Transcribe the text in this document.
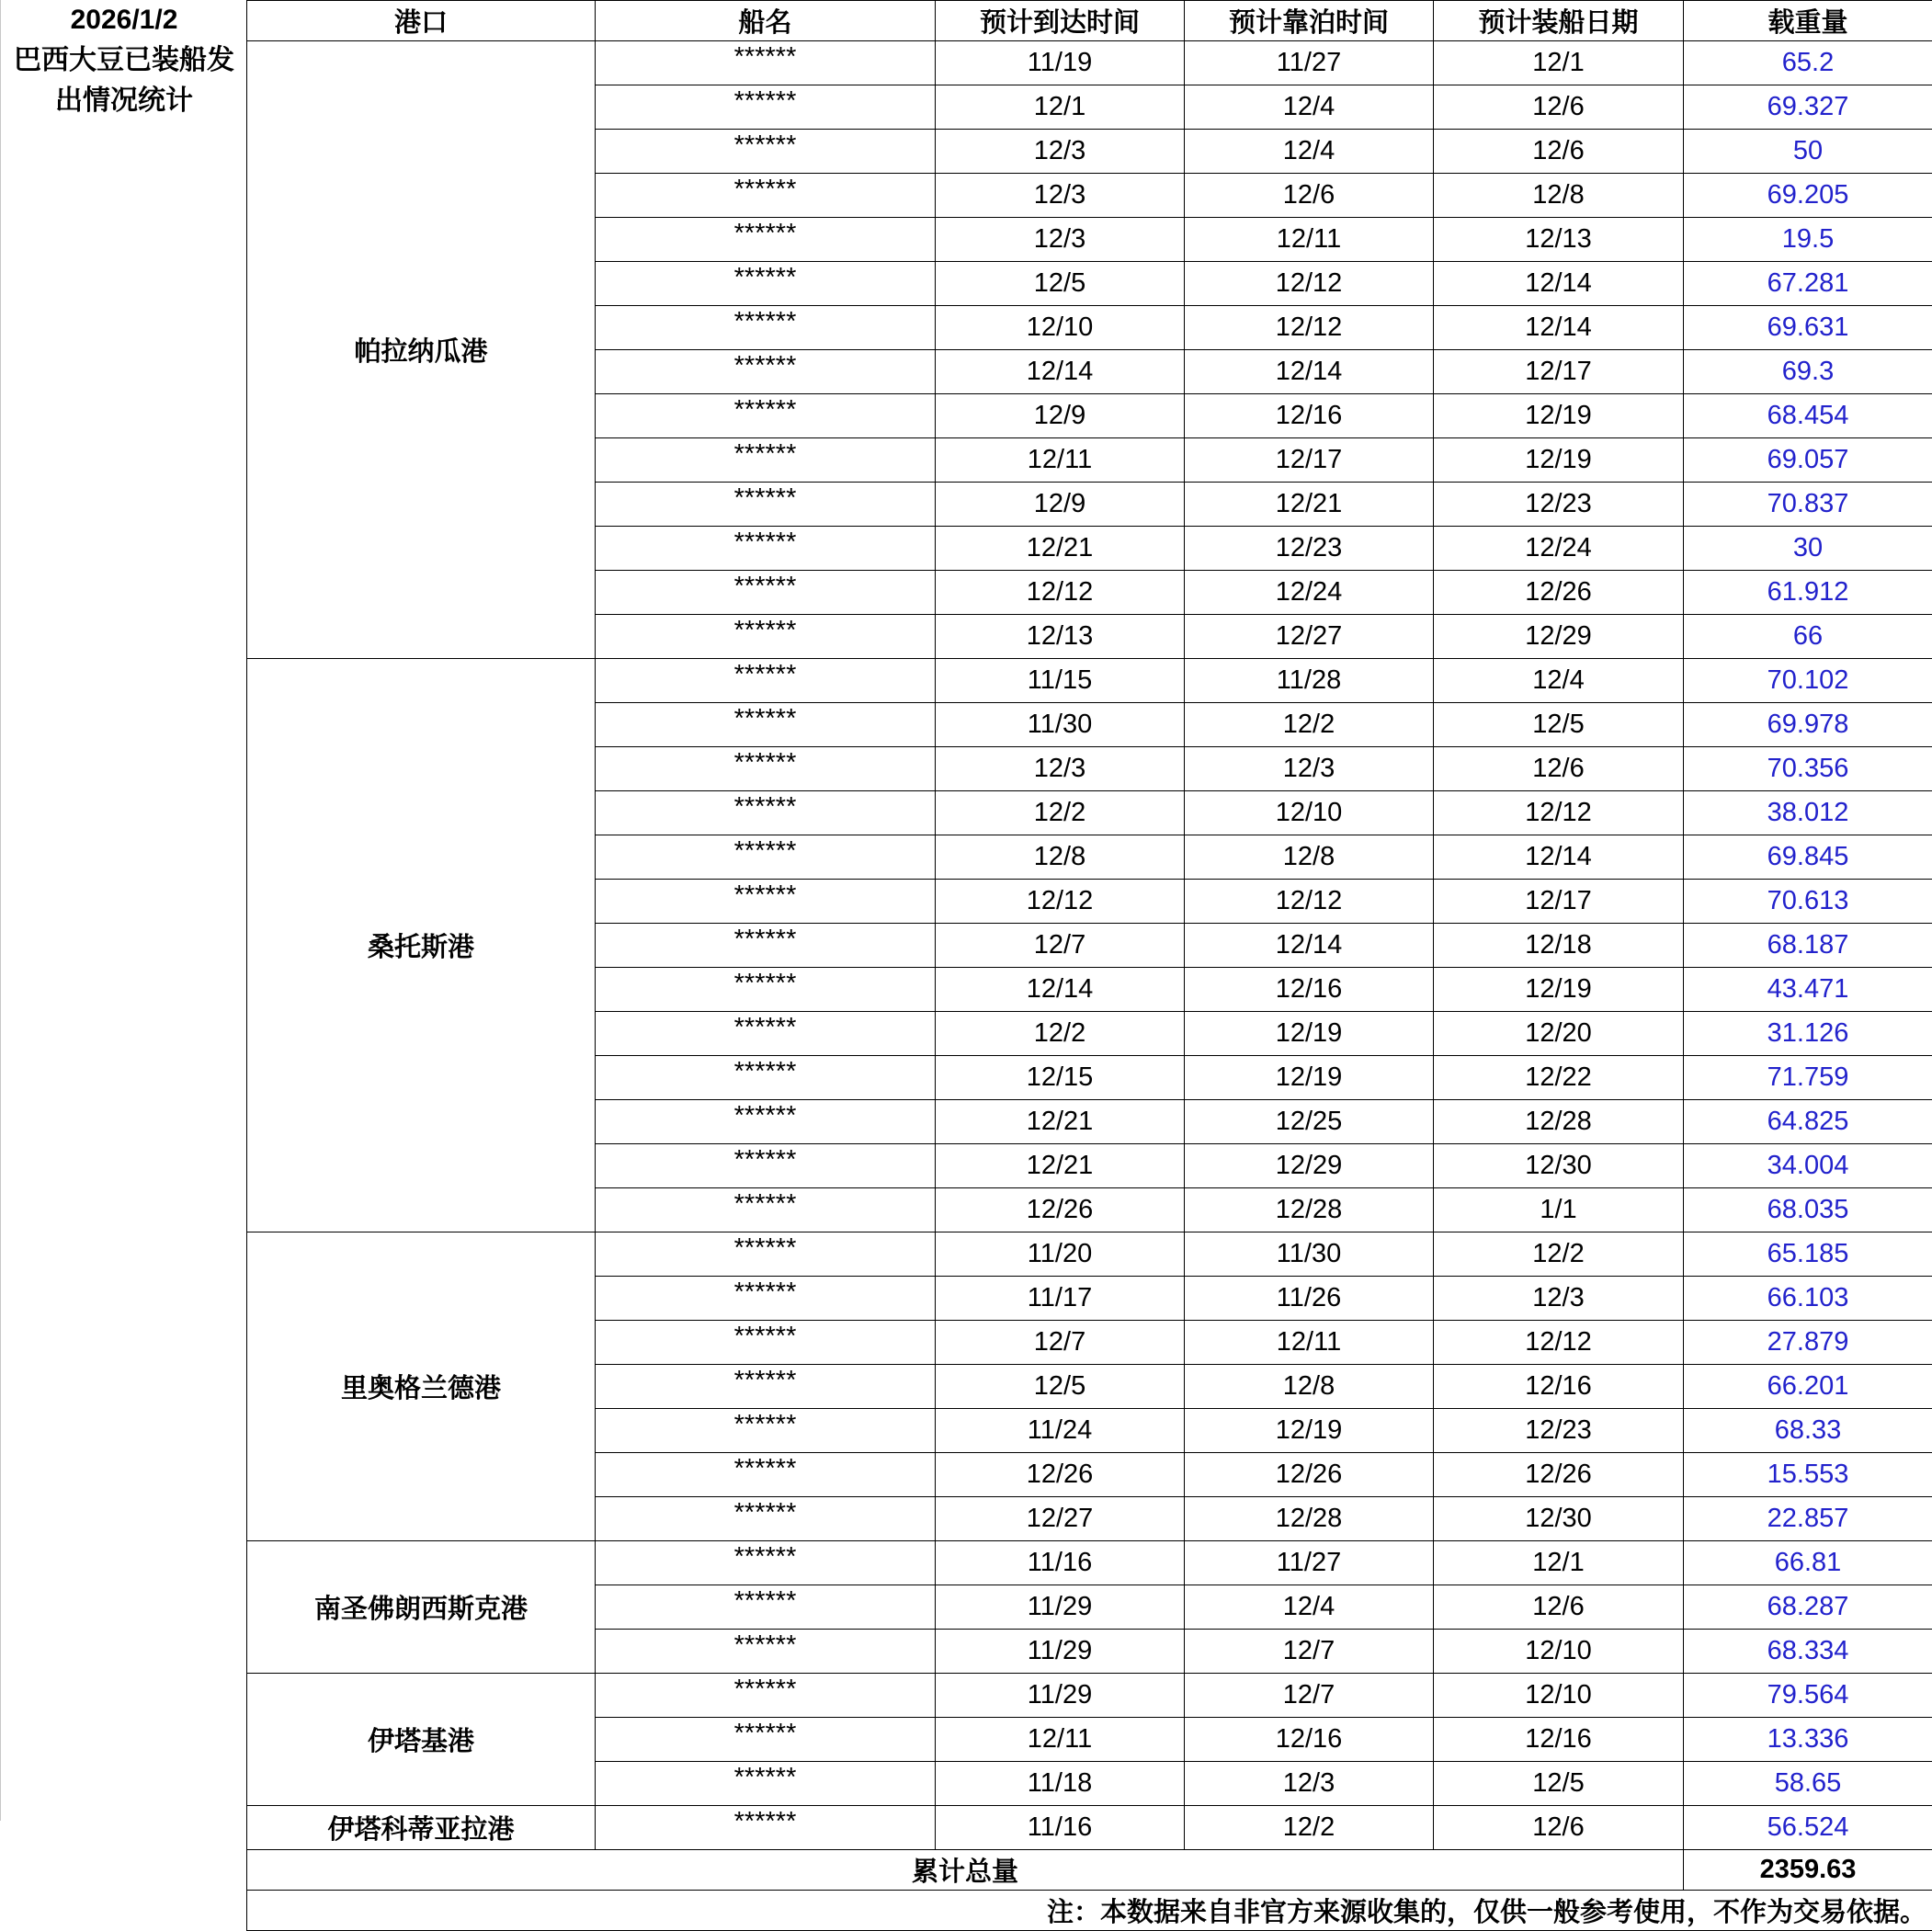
2026/1/2
巴西大豆已装船发
出情况统计
港口	船名	预计到达时间	预计靠泊时间	预计装船日期	载重量
帕拉纳瓜港	******	11/19	11/27	12/1	65.2
	******	12/1	12/4	12/6	69.327
	******	12/3	12/4	12/6	50
	******	12/3	12/6	12/8	69.205
	******	12/3	12/11	12/13	19.5
	******	12/5	12/12	12/14	67.281
	******	12/10	12/12	12/14	69.631
	******	12/14	12/14	12/17	69.3
	******	12/9	12/16	12/19	68.454
	******	12/11	12/17	12/19	69.057
	******	12/9	12/21	12/23	70.837
	******	12/21	12/23	12/24	30
	******	12/12	12/24	12/26	61.912
	******	12/13	12/27	12/29	66
桑托斯港	******	11/15	11/28	12/4	70.102
	******	11/30	12/2	12/5	69.978
	******	12/3	12/3	12/6	70.356
	******	12/2	12/10	12/12	38.012
	******	12/8	12/8	12/14	69.845
	******	12/12	12/12	12/17	70.613
	******	12/7	12/14	12/18	68.187
	******	12/14	12/16	12/19	43.471
	******	12/2	12/19	12/20	31.126
	******	12/15	12/19	12/22	71.759
	******	12/21	12/25	12/28	64.825
	******	12/21	12/29	12/30	34.004
	******	12/26	12/28	1/1	68.035
里奥格兰德港	******	11/20	11/30	12/2	65.185
	******	11/17	11/26	12/3	66.103
	******	12/7	12/11	12/12	27.879
	******	12/5	12/8	12/16	66.201
	******	11/24	12/19	12/23	68.33
	******	12/26	12/26	12/26	15.553
	******	12/27	12/28	12/30	22.857
南圣佛朗西斯克港	******	11/16	11/27	12/1	66.81
	******	11/29	12/4	12/6	68.287
	******	11/29	12/7	12/10	68.334
伊塔基港	******	11/29	12/7	12/10	79.564
	******	12/11	12/16	12/16	13.336
	******	11/18	12/3	12/5	58.65
伊塔科蒂亚拉港	******	11/16	12/2	12/6	56.524
累计总量					2359.63
注：本数据来自非官方来源收集的，仅供一般参考使用，不作为交易依据。					
